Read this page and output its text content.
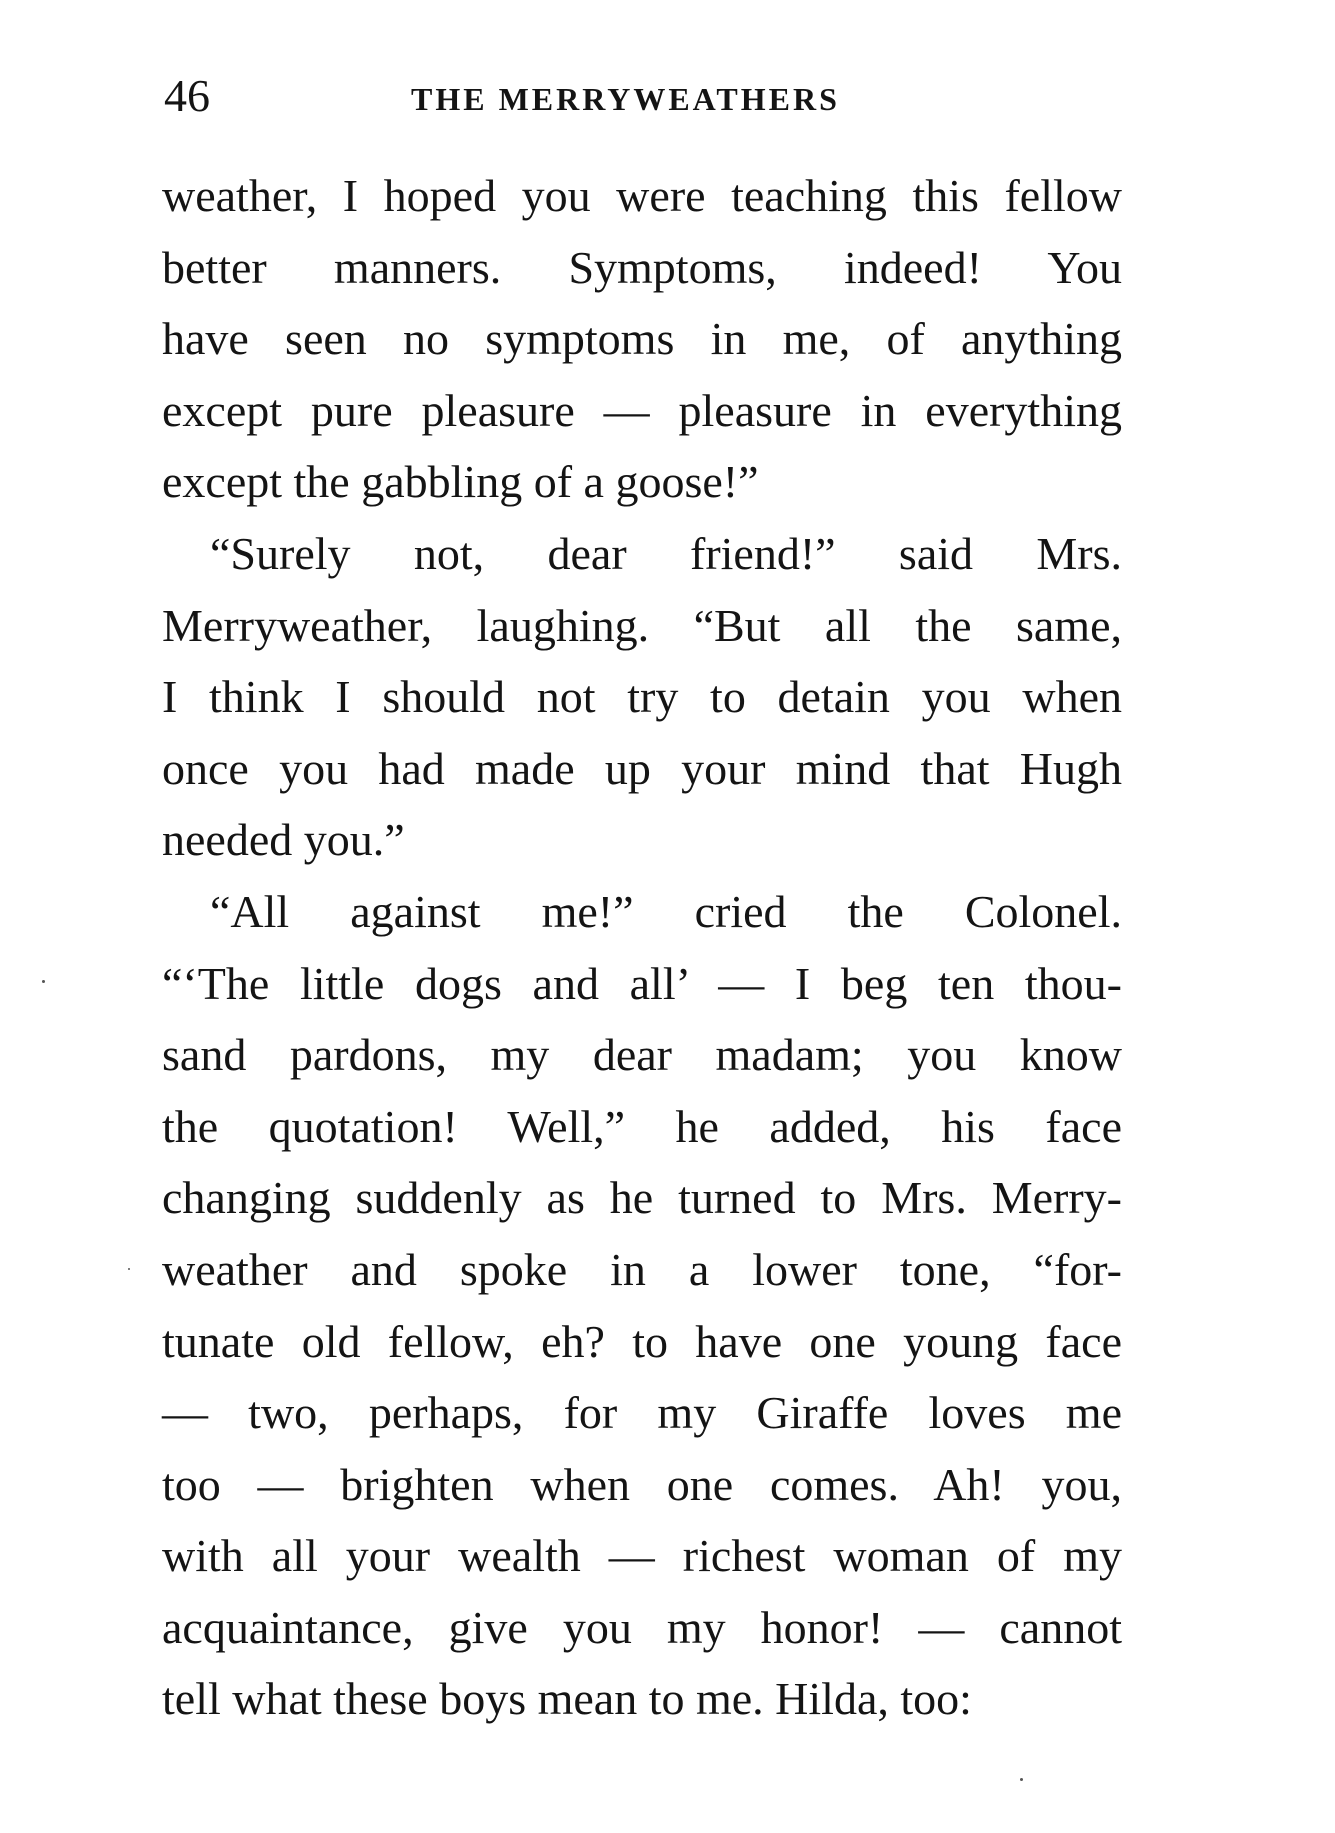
46	THE MERRYWEATHERS
weather, I hoped you were teaching this fellow
better manners. Symptoms, indeed! You
have seen no symptoms in me, of anything
except pure pleasure — pleasure in everything
except the gabbling of a goose!”
“Surely not, dear friend!” said Mrs.
Merryweather, laughing. “But all the same,
I think I should not try to detain you when
once you had made up your mind that Hugh
needed you.”
“All against me!” cried the Colonel.
“‘The little dogs and all’ — I beg ten thou-
sand pardons, my dear madam; you know
the quotation! Well,” he added, his face
changing suddenly as he turned to Mrs. Merry-
weather and spoke in a lower tone, “for-
tunate old fellow, eh? to have one young face
— two, perhaps, for my Giraffe loves me
too — brighten when one comes. Ah! you,
with all your wealth — richest woman of my
acquaintance, give you my honor! — cannot
tell what these boys mean to me. Hilda, too:
